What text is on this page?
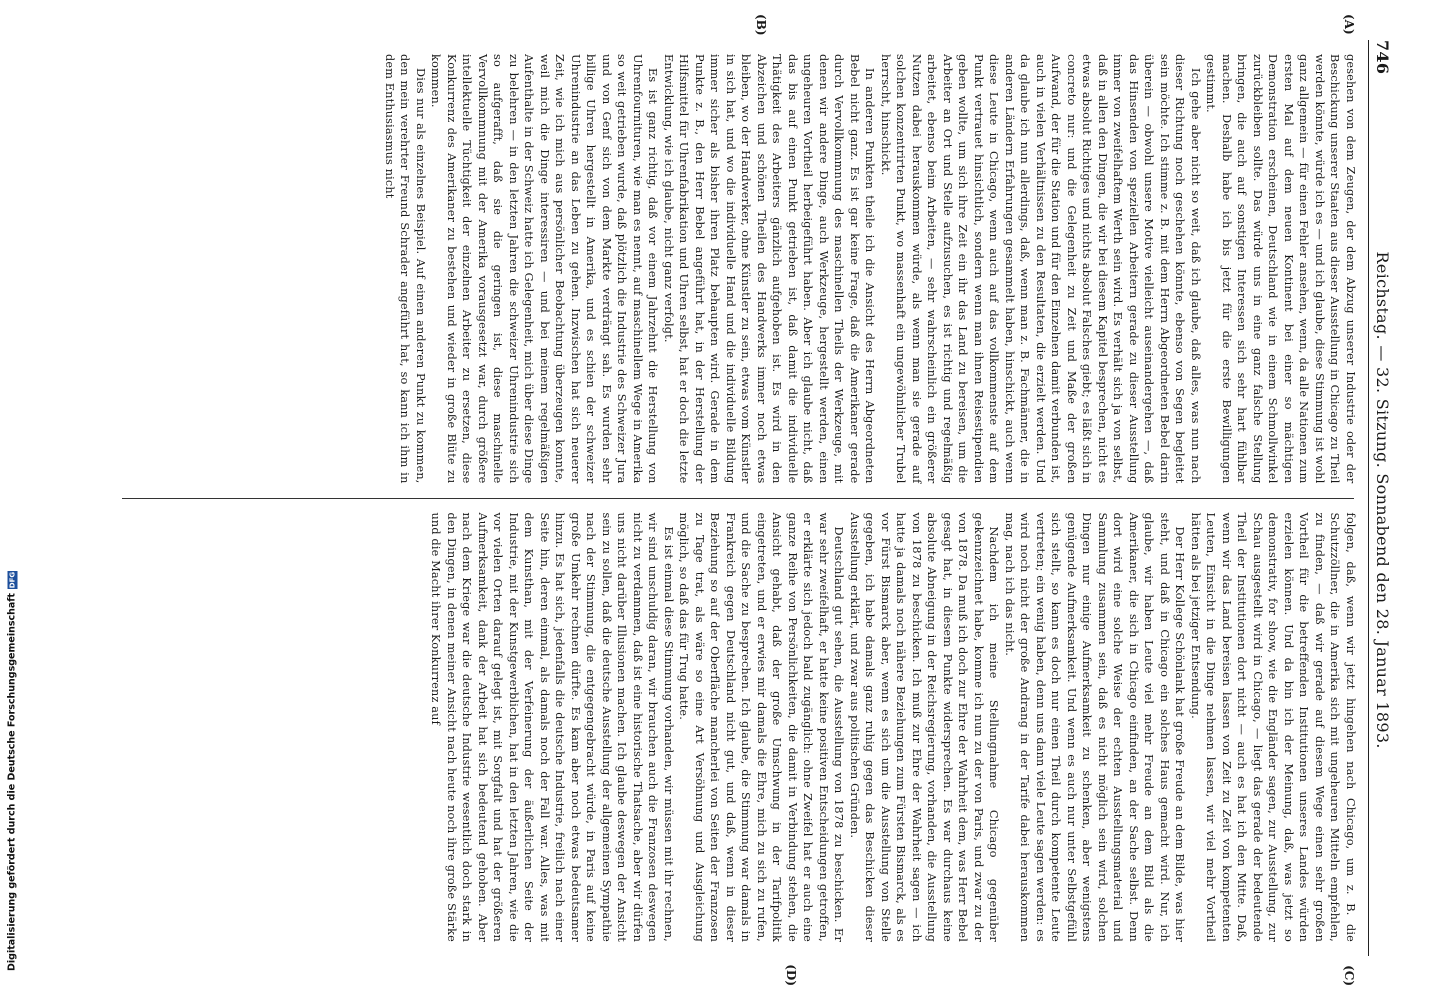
746
Reichstag. — 32. Sitzung. Sonnabend den 28. Januar 1893.
(A)
(B)

gesehen von dem Zeugen, der dem Abzug unserer Industrie oder der Beschickung unserer Staaten aus dieser Ausstellung in Chicago zu Theil werden könnte, würde ich es — und ich glaube, diese Stimmung ist wohl ganz allgemein — für einen Fehler ansehen, wenn, da alle Nationen zum ersten Mal auf dem neuen Kontinent bei einer so mächtigen Demonstration erscheinen, Deutschland wie in einem Schmollwinkel zurückbleiben sollte. Das würde uns in eine ganz falsche Stellung bringen, die auch auf sonstigen Interessen sich sehr hart fühlbar machen. Deshalb habe ich bis jetzt für die erste Bewilligungen gestimmt.

Ich gehe aber nicht so weit, daß ich glaube, daß alles, was nun nach dieser Richtung noch geschehen könnte, ebenso von Segen begleitet sein möchte. Ich stimme z. B. mit dem Herrn Abgeordneten Bebel darin überein — obwohl unsere Motive vielleicht auseinandergehen —, daß das Hinsenden von speziellen Arbeitern gerade zu dieser Ausstellung immer von zweifelhaftem Werth sein wird. Es verhält sich ja von selbst, daß in allen den Dingen, die wir bei diesem Kapitel besprechen, nicht es etwas absolut Richtiges und nichts absolut Falsches giebt; es läßt sich in concreto nur: und die Gelegenheit zu Zeit und Maße der großen Aufwand, der für die Station und für den Einzelnen damit verbunden ist, auch in vielen Verhältnissen zu den Resultaten, die erzielt werden. Und da glaube ich nun allerdings, daß, wenn man z. B. Fachmänner, die in anderen Ländern Erfahrungen gesammelt haben, hinschickt, auch wenn diese Leute in Chicago, wenn auch auf das vollkommenste auf dem Punkt vertrauet hinsichtlich, sondern wenn man ihnen Reisestipendien geben wollte, um sich ihre Zeit ein ihr das Land zu bereisen, um die Arbeiter an Ort und Stelle aufzusuchen, es ist richtig und regelmäßig arbeitet, ebenso beim Arbeiten, — sehr wahrscheinlich ein größerer Nutzen dabei herauskommen würde, als wenn man sie gerade auf solchen konzentrirten Punkt, wo massenhaft ein ungewöhnlicher Trubel herrscht, hinschickt.

In anderen Punkten theile ich die Ansicht des Herrn Abgeordneten Bebel nicht ganz. Es ist gar keine Frage, daß die Amerikaner gerade durch Vervollkommnung des maschinellen Theils der Werkzeuge, mit denen wir andere Dinge, auch Werkzeuge, hergestellt werden, einen ungeheuren Vortheil herbeigeführt haben. Aber ich glaube nicht, daß das bis auf einen Punkt getrieben ist, daß damit die individuelle Thätigkeit des Arbeiters gänzlich aufgehoben ist. Es wird in den Abzeichen und schönen Theilen des Handwerks immer noch etwas bleiben, wo der Handwerker, ohne Künstler zu sein, etwas vom Künstler in sich hat, und wo die individuelle Hand und die individuelle Bildung immer sicher als bisher ihren Platz behaupten wird. Gerade in dem Punkte z. B., den Herr Bebel angeführt hat, in der Herstellung der Hilfsmittel für Uhrenfabrikation und Uhren selbst, hat er doch die letzte Entwicklung, wie ich glaube, nicht ganz verfolgt.

Es ist ganz richtig, daß vor einem Jahrzehnt die Herstellung von Uhrenfournituren, wie man es nennt, auf maschinellem Wege in Amerika so weit getrieben wurde, daß plötzlich die Industrie des Schweizer Jura und von Genf sich von dem Markte verdrängt sah. Es wurden sehr billige Uhren hergestellt in Amerika, und es schien der schweizer Uhrenindustrie an das Leben zu gehen. Inzwischen hat sich neuerer Zeit, wie ich mich aus persönlicher Beobachtung überzeugen konnte, weil mich die Dinge interessiren — und bei meinem regelmäßigen Aufenthalte in der Schweiz hatte ich Gelegenheit, mich über diese Dinge zu belehren — in den letzten Jahren die schweizer Uhrenindustrie sich so aufgerafft, daß sie die geringen ist, diese maschinelle Vervollkommnung mit der Amerika vorausgesetzt war, durch größere intellektuelle Tüchtigkeit der einzelnen Arbeiter zu ersetzen, diese Konkurrenz des Amerikaner zu bestehen und wieder in große Blüte zu kommen.

Dies nur als einzelnes Beispiel. Auf einen anderen Punkt zu kommen, den mein verehrter Freund Schrader angeführt hat, so kann ich ihm in dem Enthusiasmus nicht

(C)
(D)

folgen, daß, wenn wir jetzt hingehen nach Chicago, um z. B. die Schutzzöllner, die in Amerika sich mit ungeheuren Mitteln empfehlen, zu finden, — daß wir gerade auf diesem Wege einen sehr großen Vortheil für die betreffenden Institutionen unseres Landes würden erzielen können. Und da bin ich der Meinung, daß, was jetzt so demonstrativ, for show, wie die Engländer sagen, zur Ausstellung, zur Schau ausgestellt wird in Chicago, — liegt das gerade der bedeutende Theil der Institutionen dort nicht — auch es hat ich den Mitte. Daß, wenn wir das Land bereisen lassen von Zeit zu Zeit von kompetenten Leuten, Einsicht in die Dinge nehmen lassen, wir viel mehr Vortheil hätten als bei jetziger Entsendung.

Der Herr Kollege Schönlank hat große Freude an dem Bilde, was hier steht, und daß in Chicago ein solches Haus gemacht wird. Nur, ich glaube, wir haben Leute viel mehr Freude an dem Bild als die Amerikaner, die sich in Chicago einfinden, an der Sache selbst. Denn dort wird eine solche Weise der echten Ausstellungsmaterial und Sammlung zusammen sein, daß es nicht möglich sein wird, solchen Dingen nur einige Aufmerksamkeit zu schenken, aber wenigstens genügende Aufmerksamkeit. Und wenn es auch nur unter Selbstgefühl sich stellt, so kann es doch nur einen Theil durch kompetente Leute vertreten; ein wenig haben, denn uns dann viele Leute sagen werden: es wird noch nicht der große Andrang in der Tarife dabei herauskommen mag, nach ich das nicht.

Nachdem ich meine Stellungnahme Chicago gegenüber gekennzeichnet habe, komme ich nun zu der von Paris, und zwar zu der von 1878. Da muß ich doch zur Ehre der Wahrheit dem, was Herr Bebel gesagt hat, in diesem Punkte widersprechen. Es war durchaus keine absolute Abneigung in der Reichsregierung, vorhanden, die Ausstellung von 1878 zu beschicken. Ich muß zur Ehre der Wahrheit sagen — ich hatte ja damals noch nähere Beziehungen zum Fürsten Bismarck, als es vor Fürst Bismarck aber, wenn es sich um die Ausstellung von Stelle gegeben, ich habe damals ganz ruhig gegen das Beschicken dieser Ausstellung erklärt, und zwar aus politischen Gründen.

Deutschland gut sehen, die Ausstellung von 1878 zu beschicken. Er war sehr zweifelhaft, er hatte keine positiven Entscheidungen getroffen, er erklärte sich jedoch bald zugänglich: ohne Zweifel hat er auch eine ganze Reihe von Persönlichkeiten, die damit in Verbindung stehen, die Ansicht gehabt, daß der große Umschwung in der Tarifpolitik eingetreten, und er erwies mir damals die Ehre, mich zu sich zu rufen, und die Sache zu besprechen. Ich glaube, die Stimmung war damals in Frankreich gegen Deutschland nicht gut, und daß, wenn in dieser Beziehung so auf der Oberfläche mancherlei von Seiten der Franzosen zu Tage trat, als wäre so eine Art Versöhnung und Ausgleichung möglich, so daß das für Trug hatte.

Es ist einmal diese Stimmung vorhanden, wir müssen mit ihr rechnen, wir sind unschuldig daran, wir brauchen auch die Franzosen deswegen nicht zu verdammen, daß ist eine historische Thatsache, aber wir dürfen uns nicht darüber Illusionen machen. Ich glaube deswegen der Ansicht sein zu sollen, daß die deutsche Ausstellung der allgemeinen Sympathie nach der Stimmung, die entgegengebracht würde, in Paris auf keine große Umkehr rechnen dürfte. Es kam aber noch etwas bedeutsamer hinzu. Es hat sich, jedenfalls die deutsche Industrie, freilich nach einer Seite hin, deren einmal, als damals noch der Fall war. Alles, was mit dem Kunsthan, mit der Verfeinerung der äußerlichen Seite der Industrie, mit der Kunstgewerblichen, hat in den letzten Jahren, wie die vor vielen Orten darauf gelegt ist, mit Sorgfalt und hat der größeren Aufmerksamkeit, dank der Arbeit hat sich bedeutend gehoben. Aber nach dem Kriege war die deutsche Industrie wesentlich doch stark in den Dingen, in denen meiner Ansicht nach heute noch ihre große Stärke und die Macht ihrer Konkurrenz auf

Digitalisierung gefördert durch die Deutsche Forschungsgemeinschaft
DFG
